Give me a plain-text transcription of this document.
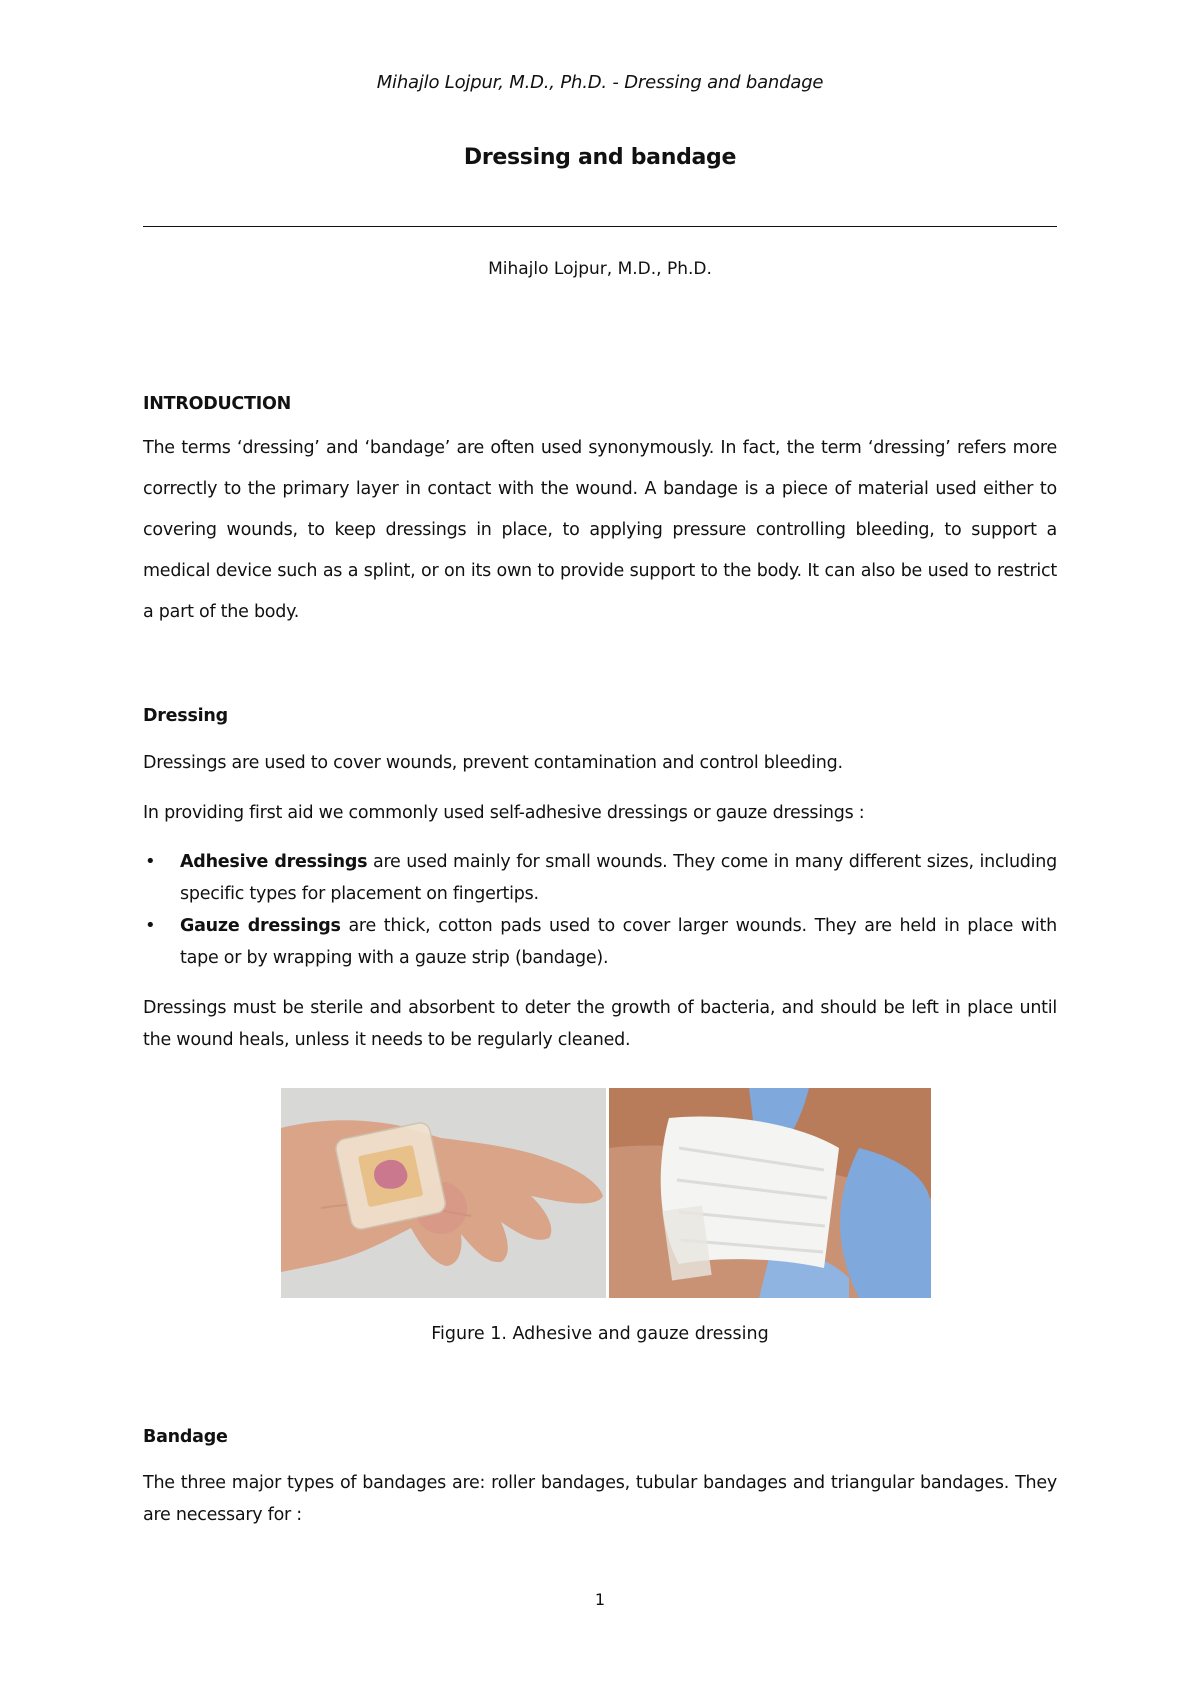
Mihajlo Lojpur, M.D., Ph.D. - Dressing and bandage
Dressing and bandage
Mihajlo Lojpur, M.D., Ph.D.
INTRODUCTION

The terms ‘dressing’ and ‘bandage’ are often used synonymously. In fact, the term ‘dressing’ refers more correctly to the primary layer in contact with the wound. A bandage is a piece of material used either to covering wounds, to keep dressings in place, to applying pressure controlling bleeding, to support a medical device such as a splint, or on its own to provide support to the body. It can also be used to restrict a part of the body.

Dressing

Dressings are used to cover wounds, prevent contamination and control bleeding.

In providing first aid we commonly used self-adhesive dressings or gauze dressings :

• Adhesive dressings are used mainly for small wounds. They come in many different sizes, including specific types for placement on fingertips.
• Gauze dressings are thick, cotton pads used to cover larger wounds. They are held in place with tape or by wrapping with a gauze strip (bandage).

Dressings must be sterile and absorbent to deter the growth of bacteria, and should be left in place until the wound heals, unless it needs to be regularly cleaned.

Figure 1. Adhesive and gauze dressing
Bandage

The three major types of bandages are: roller bandages, tubular bandages and triangular bandages. They are necessary for :

1
